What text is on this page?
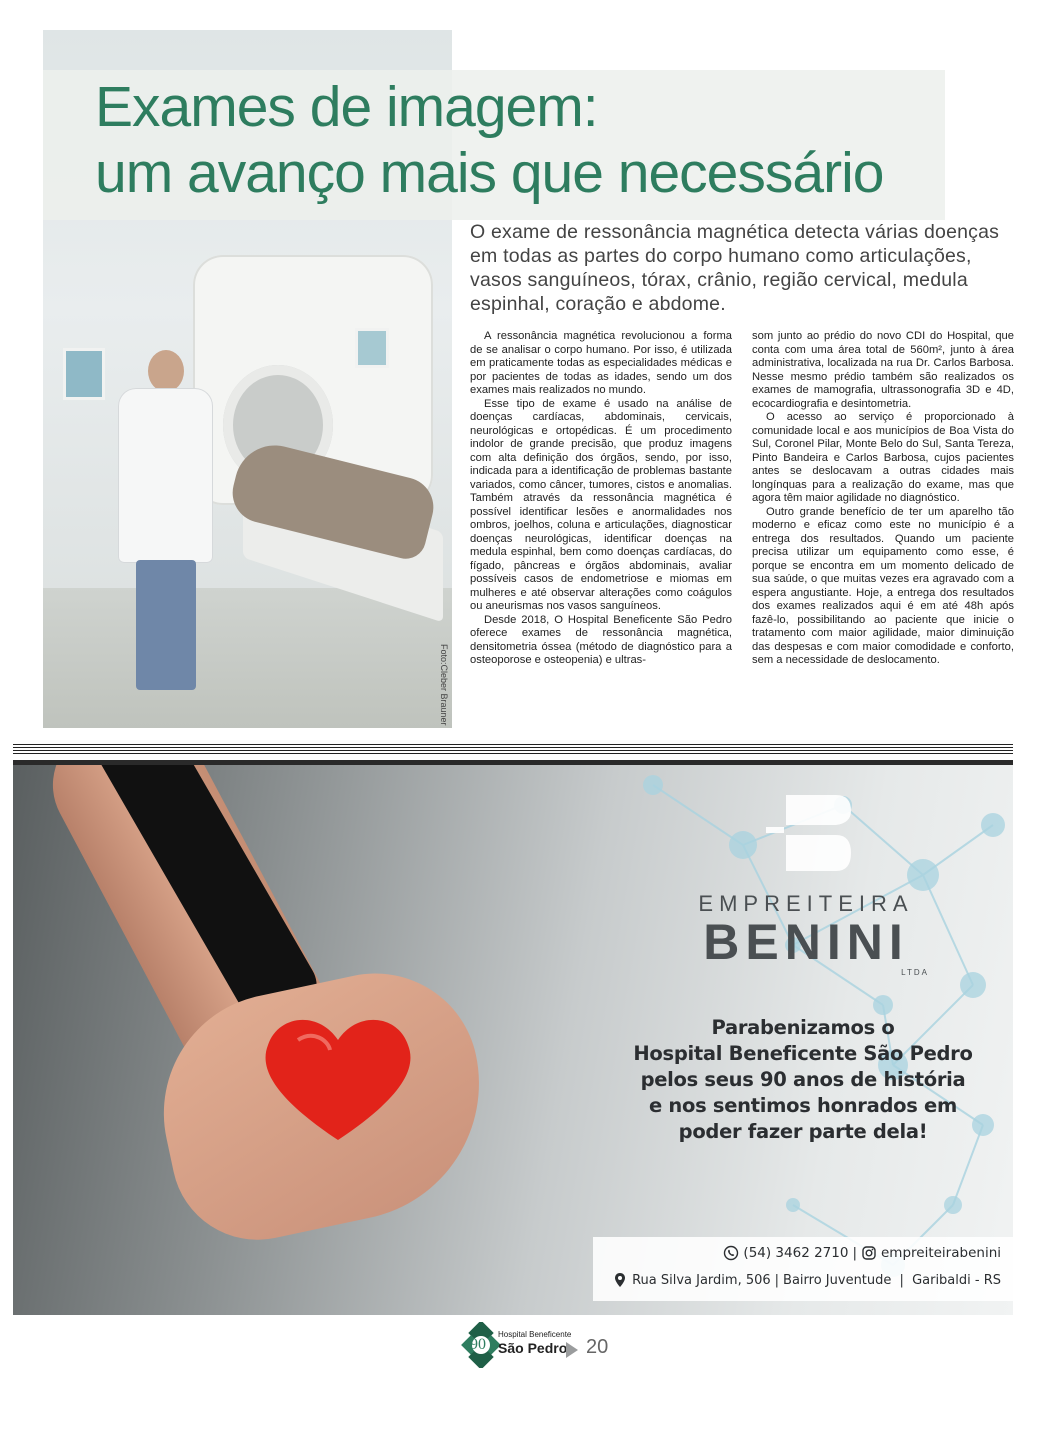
Foto:Cleber Brauner
Exames de imagem:
um avanço mais que necessário

O exame de ressonância magnética detecta várias doenças em todas as partes do corpo humano como articulações, vasos sanguíneos, tórax, crânio, região cervical, medula espinhal, coração e abdome.

A ressonância magnética revolucionou a forma de se analisar o corpo humano. Por isso, é utilizada em praticamente todas as especialidades médicas e por pacientes de todas as idades, sendo um dos exames mais realizados no mundo.

Esse tipo de exame é usado na análise de doenças cardíacas, abdominais, cervicais, neurológicas e ortopédicas. É um procedimento indolor de grande precisão, que produz imagens com alta definição dos órgãos, sendo, por isso, indicada para a identificação de problemas bastante variados, como câncer, tumores, cistos e anomalias. Também através da ressonância magnética é possível identificar lesões e anormalidades nos ombros, joelhos, coluna e articulações, diagnosticar doenças neurológicas, identificar doenças na medula espinhal, bem como doenças cardíacas, do fígado, pâncreas e órgãos abdominais, avaliar possíveis casos de endometriose e miomas em mulheres e até observar alterações como coágulos ou aneurismas nos vasos sanguíneos.

Desde 2018, O Hospital Beneficente São Pedro oferece exames de ressonância magnética, densitometria óssea (método de diagnóstico para a osteoporose e osteopenia) e ultras-

som junto ao prédio do novo CDI do Hospital, que conta com uma área total de 560m², junto à área administrativa, localizada na rua Dr. Carlos Barbosa. Nesse mesmo prédio também são realizados os exames de mamografia, ultrassonografia 3D e 4D, ecocardiografia e desintometria.

O acesso ao serviço é proporcionado à comunidade local e aos municípios de Boa Vista do Sul, Coronel Pilar, Monte Belo do Sul, Santa Tereza, Pinto Bandeira e Carlos Barbosa, cujos pacientes antes se deslocavam a outras cidades mais longínquas para a realização do exame, mas que agora têm maior agilidade no diagnóstico.

Outro grande benefício de ter um aparelho tão moderno e eficaz como este no município é a entrega dos resultados. Quando um paciente precisa utilizar um equipamento como esse, é porque se encontra em um momento delicado de sua saúde, o que muitas vezes era agravado com a espera angustiante. Hoje, a entrega dos resultados dos exames realizados aqui é em até 48h após fazê-lo, possibilitando ao paciente que inicie o tratamento com maior agilidade, maior diminuição das despesas e com maior comodidade e conforto, sem a necessidade de deslocamento.

EMPREITEIRA
BENINI
LTDA

Parabenizamos o
Hospital Beneficente São Pedro
pelos seus 90 anos de história
e nos sentimos honrados em
poder fazer parte dela!

(54) 3462 2710 | empreiteirabenini
Rua Silva Jardim, 506 | Bairro Juventude | Garibaldi - RS
90
Hospital Beneficente
São Pedro 20
